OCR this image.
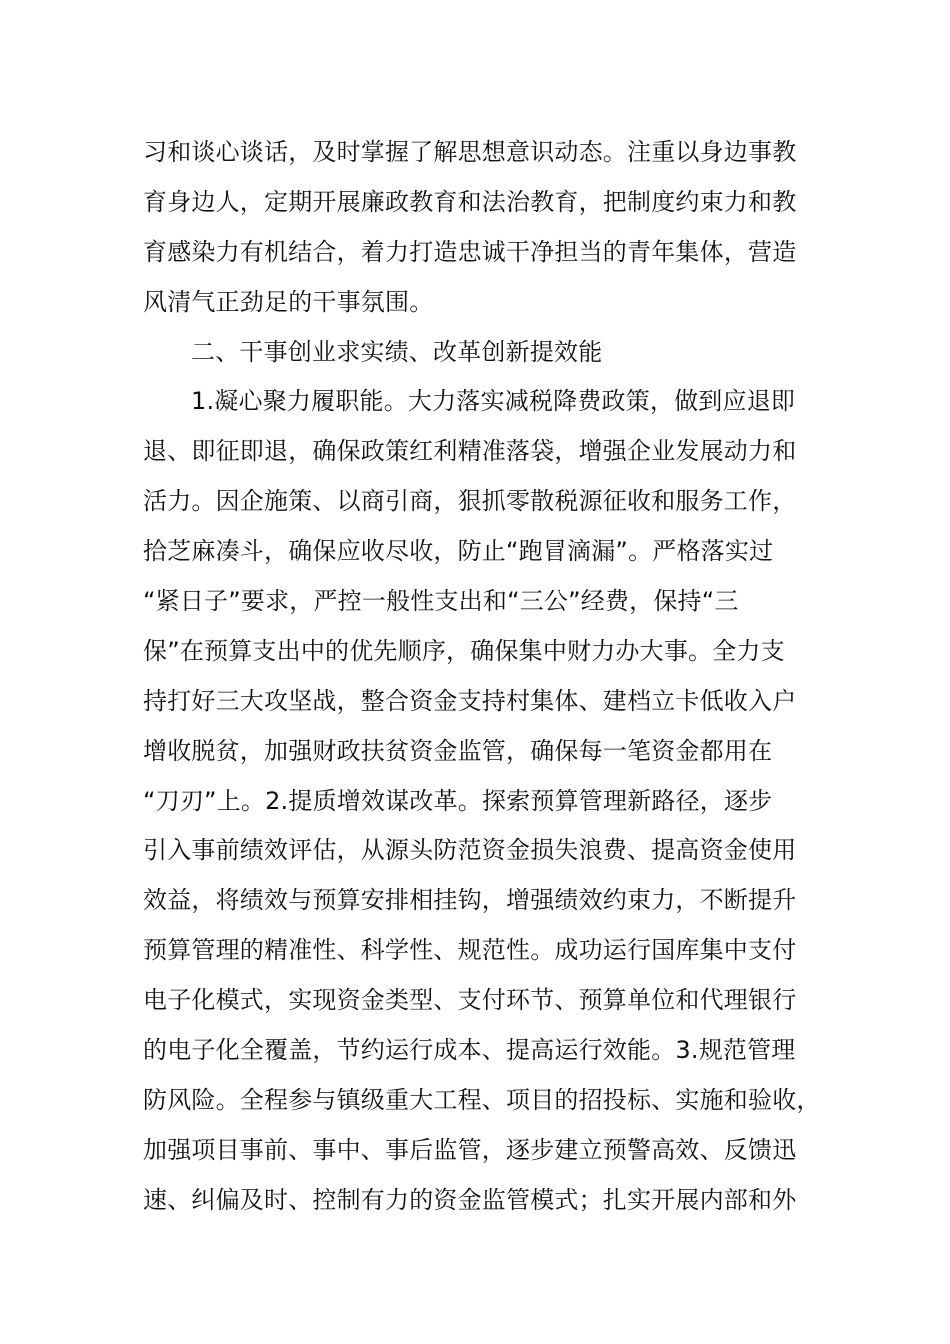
习和谈心谈话，及时掌握了解思想意识动态。注重以身边事教
育身边人，定期开展廉政教育和法治教育，把制度约束力和教
育感染力有机结合，着力打造忠诚干净担当的青年集体，营造
风清气正劲足的干事氛围。
二、干事创业求实绩、改革创新提效能
1.凝心聚力履职能。大力落实减税降费政策，做到应退即
退、即征即退，确保政策红利精准落袋，增强企业发展动力和
活力。因企施策、以商引商，狠抓零散税源征收和服务工作，
拾芝麻凑斗，确保应收尽收，防止“跑冒滴漏”。严格落实过
“紧日子”要求，严控一般性支出和“三公”经费，保持“三
保”在预算支出中的优先顺序，确保集中财力办大事。全力支
持打好三大攻坚战，整合资金支持村集体、建档立卡低收入户
增收脱贫，加强财政扶贫资金监管，确保每一笔资金都用在
“刀刃”上。2.提质增效谋改革。探索预算管理新路径，逐步
引入事前绩效评估，从源头防范资金损失浪费、提高资金使用
效益，将绩效与预算安排相挂钩，增强绩效约束力，不断提升
预算管理的精准性、科学性、规范性。成功运行国库集中支付
电子化模式，实现资金类型、支付环节、预算单位和代理银行
的电子化全覆盖，节约运行成本、提高运行效能。3.规范管理
防风险。全程参与镇级重大工程、项目的招投标、实施和验收，
加强项目事前、事中、事后监管，逐步建立预警高效、反馈迅
速、纠偏及时、控制有力的资金监管模式；扎实开展内部和外
